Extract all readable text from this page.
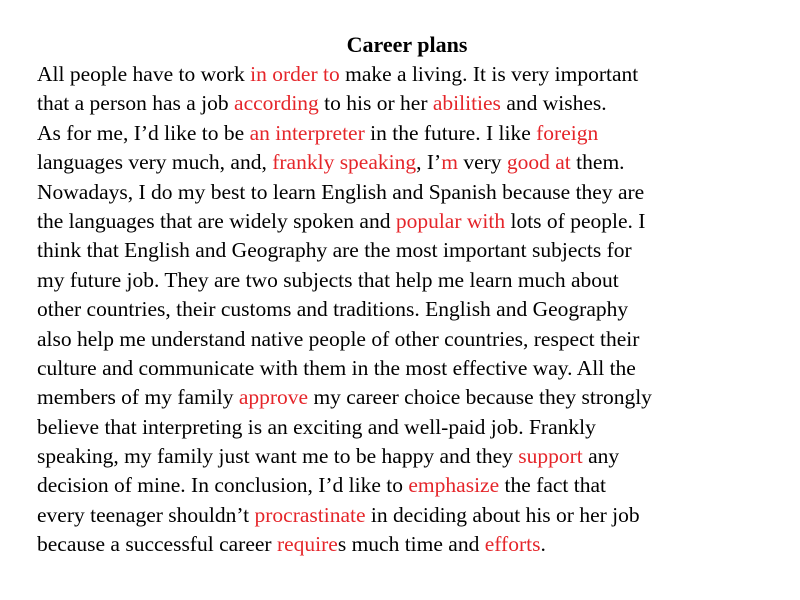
Career plans
All people have to work in order to make a living. It is very important
that a person has a job according to his or her abilities and wishes.
As for me, I’d like to be an interpreter in the future. I like foreign
languages very much, and, frankly speaking, I’m very good at them.
Nowadays, I do my best to learn English and Spanish because they are
the languages that are widely spoken and popular with lots of people. I
think that English and Geography are the most important subjects for
my future job. They are two subjects that help me learn much about
other countries, their customs and traditions. English and Geography
also help me understand native people of other countries, respect their
culture and communicate with them in the most effective way. All the
members of my family approve my career choice because they strongly
believe that interpreting is an exciting and well-paid job. Frankly
speaking, my family just want me to be happy and they support any
decision of mine. In conclusion, I’d like to emphasize the fact that
every teenager shouldn’t procrastinate in deciding about his or her job
because a successful career requires much time and efforts.
